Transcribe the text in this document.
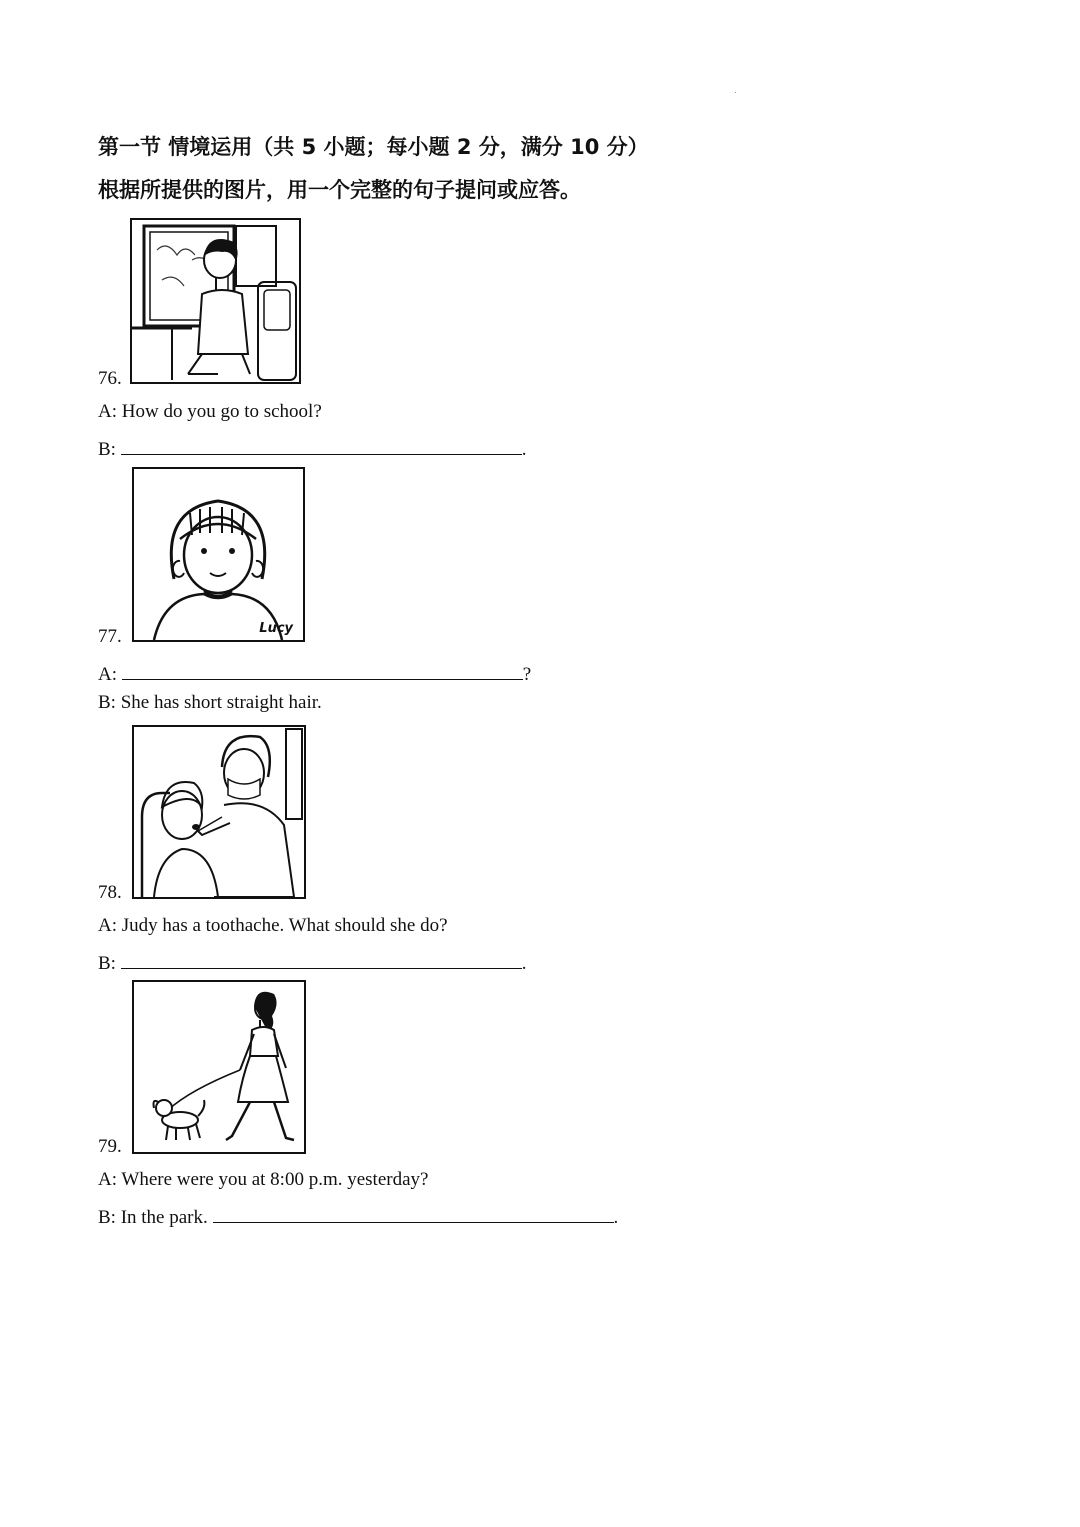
第一节 情境运用（共 5 小题；每小题 2 分，满分 10 分）
根据所提供的图片，用一个完整的句子提问或应答。
76.
A: How do you go to school?
B:	.
Lucy
77.
A:	?
B: She has short straight hair.
78.
A: Judy has a toothache. What should she do?
B:	.
79.
A: Where were you at 8:00 p.m. yesterday?
B: In the park.	.
